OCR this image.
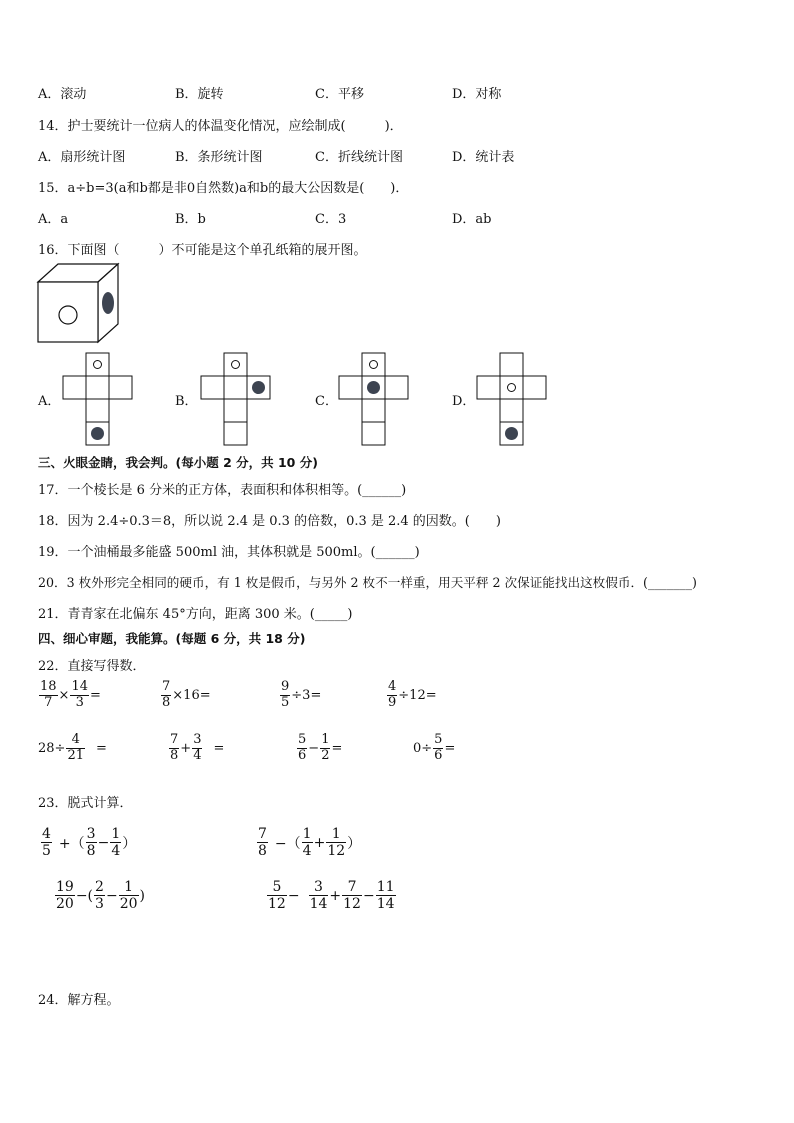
A．滚动	B．旋转	C．平移	D．对称
14．护士要统计一位病人的体温变化情况，应绘制成(　　　)．
A．扇形统计图	B．条形统计图	C．折线统计图	D．统计表
15．a÷b=3(a和b都是非0自然数)a和b的最大公因数是(　　)．
A．a	B．b	C．3	D．ab
16．下面图（　　　）不可能是这个单孔纸箱的展开图。
A．	B．	C．	D．
三、火眼金睛，我会判。(每小题 2 分，共 10 分)
17．一个棱长是 6 分米的正方体，表面积和体积相等。(______)
18．因为 2.4÷0.3＝8，所以说 2.4 是 0.3 的倍数，0.3 是 2.4 的因数。(　　)
19．一个油桶最多能盛 500ml 油，其体积就是 500ml。(______)
20．3 枚外形完全相同的硬币，有 1 枚是假币，与另外 2 枚不一样重，用天平秤 2 次保证能找出这枚假币．(_______)
21．青青家在北偏东 45°方向，距离 300 米。(_____)
四、细心审题，我能算。(每题 6 分，共 18 分)
22．直接写得数．
$\frac{18}{7} \times \frac{14}{3}$ =	$\frac{7}{8} \times 16=$	$\frac{9}{5} \div 3=$	$\frac{4}{9} \div 12=$
$28\div \frac{4}{21}$ =	$\frac{7}{8} + \frac{3}{4}$ =	$\frac{5}{6} - \frac{1}{2}$ =	$0\div \frac{5}{6}$ =
23．脱式计算．
$\frac{4}{5}$ +（ $\frac{3}{8} - \frac{1}{4}$ ）	$\frac{7}{8}$ −（ $\frac{1}{4} + \frac{1}{12}$ ）
$\frac{19}{20}$ −( $\frac{2}{3} - \frac{1}{20}$ )	$\frac{5}{12} - \frac{3}{14} + \frac{7}{12} - \frac{11}{14}$
24．解方程。
